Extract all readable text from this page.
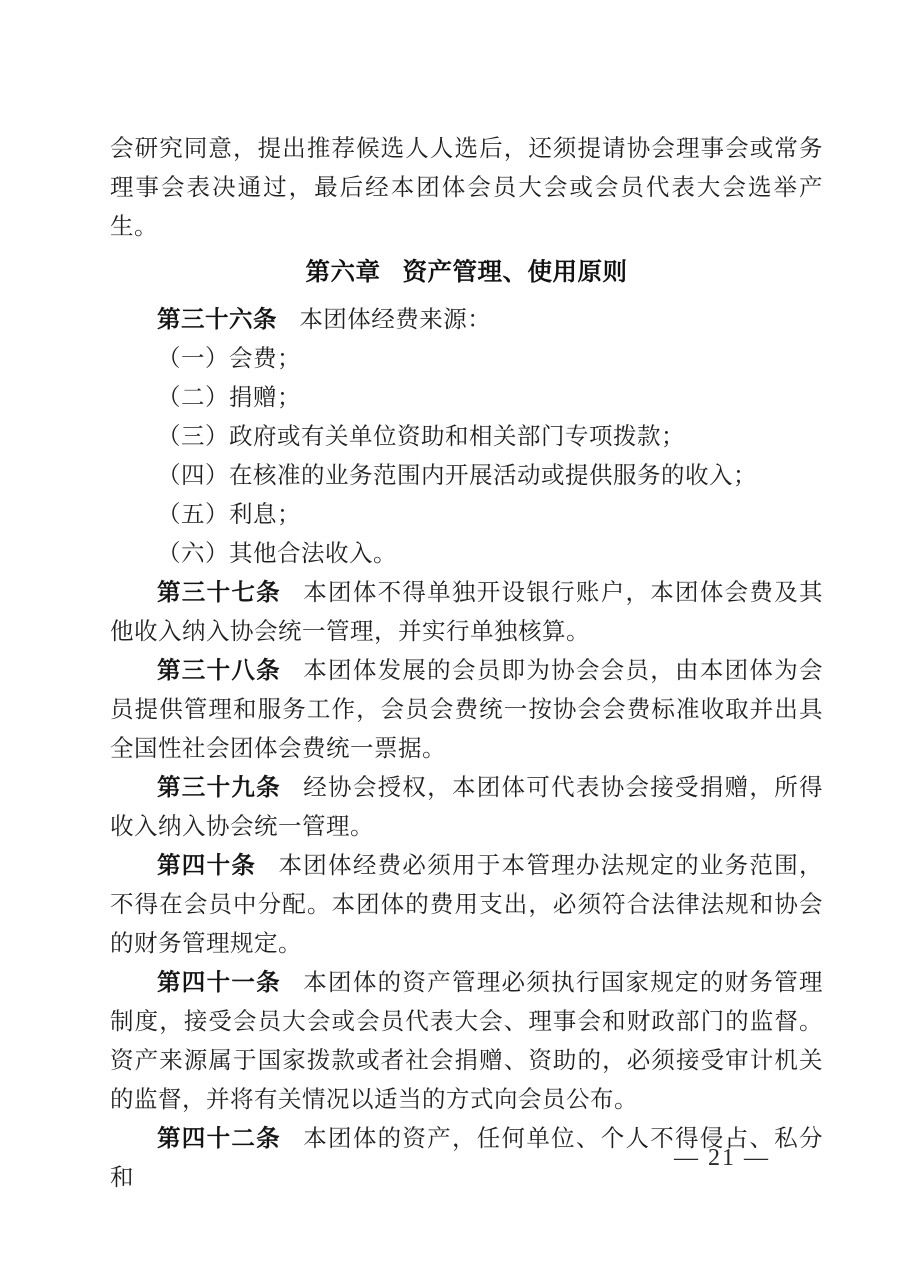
会研究同意，提出推荐候选人人选后，还须提请协会理事会或常务理事会表决通过，最后经本团体会员大会或会员代表大会选举产生。

第六章 资产管理、使用原则

第三十六条 本团体经费来源：

（一）会费；

（二）捐赠；

（三）政府或有关单位资助和相关部门专项拨款；

（四）在核准的业务范围内开展活动或提供服务的收入；

（五）利息；

（六）其他合法收入。

第三十七条 本团体不得单独开设银行账户，本团体会费及其他收入纳入协会统一管理，并实行单独核算。

第三十八条 本团体发展的会员即为协会会员，由本团体为会员提供管理和服务工作，会员会费统一按协会会费标准收取并出具全国性社会团体会费统一票据。

第三十九条 经协会授权，本团体可代表协会接受捐赠，所得收入纳入协会统一管理。

第四十条 本团体经费必须用于本管理办法规定的业务范围，不得在会员中分配。本团体的费用支出，必须符合法律法规和协会的财务管理规定。

第四十一条 本团体的资产管理必须执行国家规定的财务管理制度，接受会员大会或会员代表大会、理事会和财政部门的监督。资产来源属于国家拨款或者社会捐赠、资助的，必须接受审计机关的监督，并将有关情况以适当的方式向会员公布。

第四十二条 本团体的资产，任何单位、个人不得侵占、私分和

— 21 —
